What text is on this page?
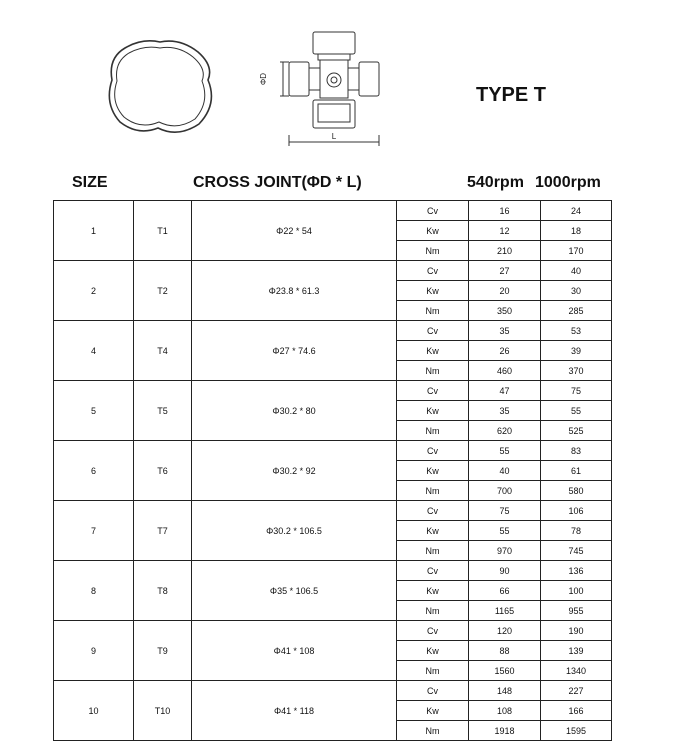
ΦD
L
TYPE T
SIZE	CROSS JOINT(ΦD * L)	540rpm 1000rpm
1	T1	Φ22 * 54	Cv	16	24
			Kw	12	18
			Nm	210	170
2	T2	Φ23.8 * 61.3	Cv	27	40
			Kw	20	30
			Nm	350	285
4	T4	Φ27 * 74.6	Cv	35	53
			Kw	26	39
			Nm	460	370
5	T5	Φ30.2 * 80	Cv	47	75
			Kw	35	55
			Nm	620	525
6	T6	Φ30.2 * 92	Cv	55	83
			Kw	40	61
			Nm	700	580
7	T7	Φ30.2 * 106.5	Cv	75	106
			Kw	55	78
			Nm	970	745
8	T8	Φ35 * 106.5	Cv	90	136
			Kw	66	100
			Nm	1165	955
9	T9	Φ41 * 108	Cv	120	190
			Kw	88	139
			Nm	1560	1340
10	T10	Φ41 * 118	Cv	148	227
			Kw	108	166
			Nm	1918	1595
